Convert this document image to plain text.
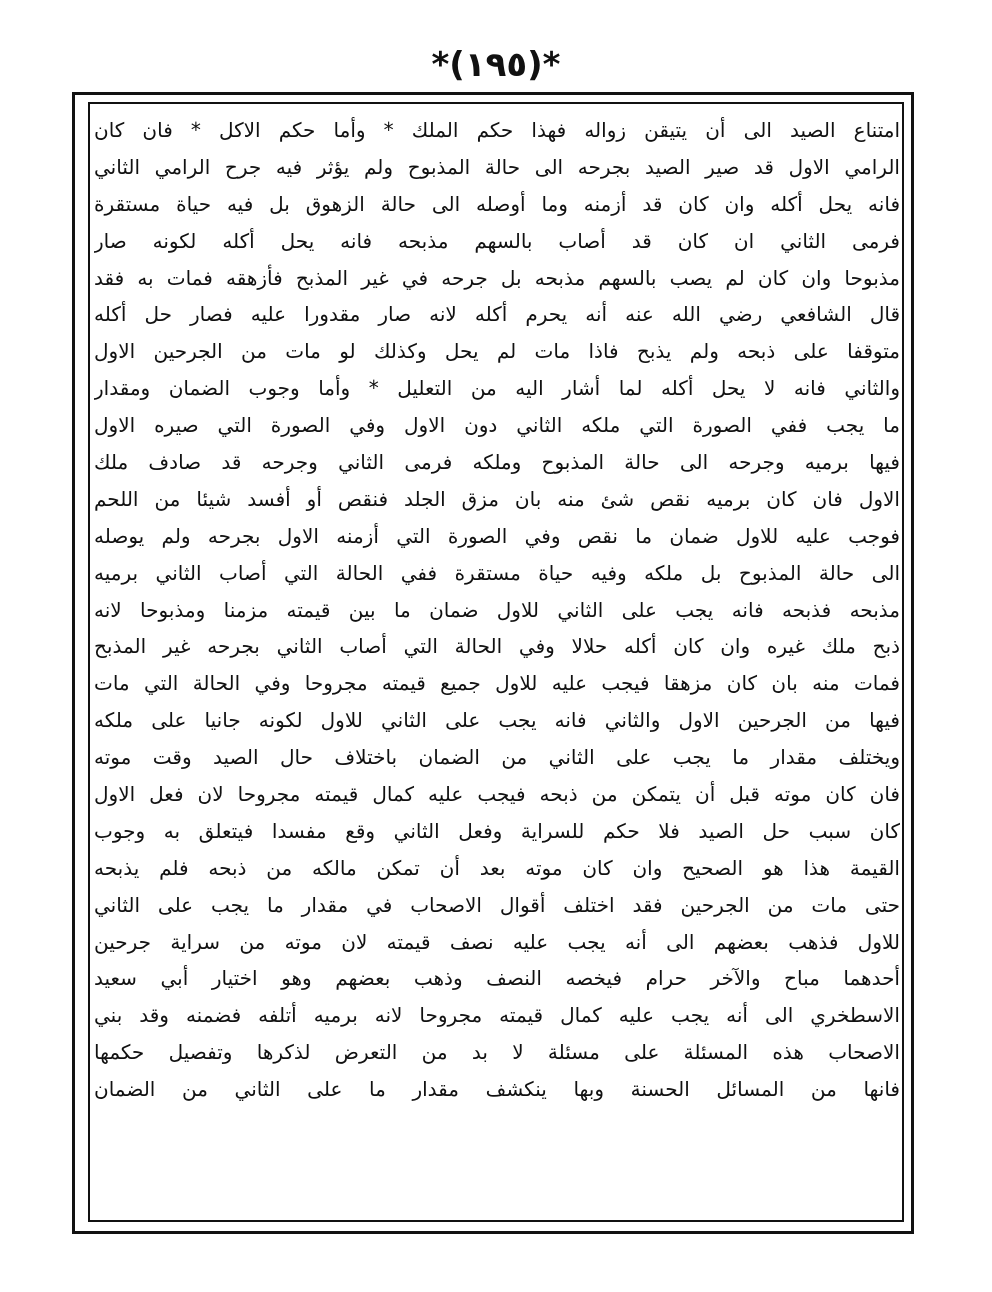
*(١٩٥)*
امتناع الصيد الى أن يتيقن زواله فهذا حكم الملك * وأما حكم الاكل * فان كان
الرامي الاول قد صير الصيد بجرحه الى حالة المذبوح ولم يؤثر فيه جرح الرامي الثاني
فانه يحل أكله وان كان قد أزمنه وما أوصله الى حالة الزهوق بل فيه حياة مستقرة
فرمى الثاني ان كان قد أصاب بالسهم مذبحه فانه يحل أكله لكونه صار
مذبوحا وان كان لم يصب بالسهم مذبحه بل جرحه في غير المذبح فأزهقه فمات به فقد
قال الشافعي رضي الله عنه أنه يحرم أكله لانه صار مقدورا عليه فصار حل أكله
متوقفا على ذبحه ولم يذبح فاذا مات لم يحل وكذلك لو مات من الجرحين الاول
والثاني فانه لا يحل أكله لما أشار اليه من التعليل * وأما وجوب الضمان ومقدار
ما يجب ففي الصورة التي ملكه الثاني دون الاول وفي الصورة التي صيره الاول
فيها برميه وجرحه الى حالة المذبوح وملكه فرمى الثاني وجرحه قد صادف ملك
الاول فان كان برميه نقص شئ منه بان مزق الجلد فنقص أو أفسد شيئا من اللحم
فوجب عليه للاول ضمان ما نقص وفي الصورة التي أزمنه الاول بجرحه ولم يوصله
الى حالة المذبوح بل ملكه وفيه حياة مستقرة ففي الحالة التي أصاب الثاني برميه
مذبحه فذبحه فانه يجب على الثاني للاول ضمان ما بين قيمته مزمنا ومذبوحا لانه
ذبح ملك غيره وان كان أكله حلالا وفي الحالة التي أصاب الثاني بجرحه غير المذبح
فمات منه بان كان مزهقا فيجب عليه للاول جميع قيمته مجروحا وفي الحالة التي مات
فيها من الجرحين الاول والثاني فانه يجب على الثاني للاول لكونه جانيا على ملكه
ويختلف مقدار ما يجب على الثاني من الضمان باختلاف حال الصيد وقت موته
فان كان موته قبل أن يتمكن من ذبحه فيجب عليه كمال قيمته مجروحا لان فعل الاول
كان سبب حل الصيد فلا حكم للسراية وفعل الثاني وقع مفسدا فيتعلق به وجوب
القيمة هذا هو الصحيح وان كان موته بعد أن تمكن مالكه من ذبحه فلم يذبحه
حتى مات من الجرحين فقد اختلف أقوال الاصحاب في مقدار ما يجب على الثاني
للاول فذهب بعضهم الى أنه يجب عليه نصف قيمته لان موته من سراية جرحين
أحدهما مباح والآخر حرام فيخصه النصف وذهب بعضهم وهو اختيار أبي سعيد
الاسطخري الى أنه يجب عليه كمال قيمته مجروحا لانه برميه أتلفه فضمنه وقد بني
الاصحاب هذه المسئلة على مسئلة لا بد من التعرض لذكرها وتفصيل حكمها
فانها من المسائل الحسنة وبها ينكشف مقدار ما على الثاني من الضمان
